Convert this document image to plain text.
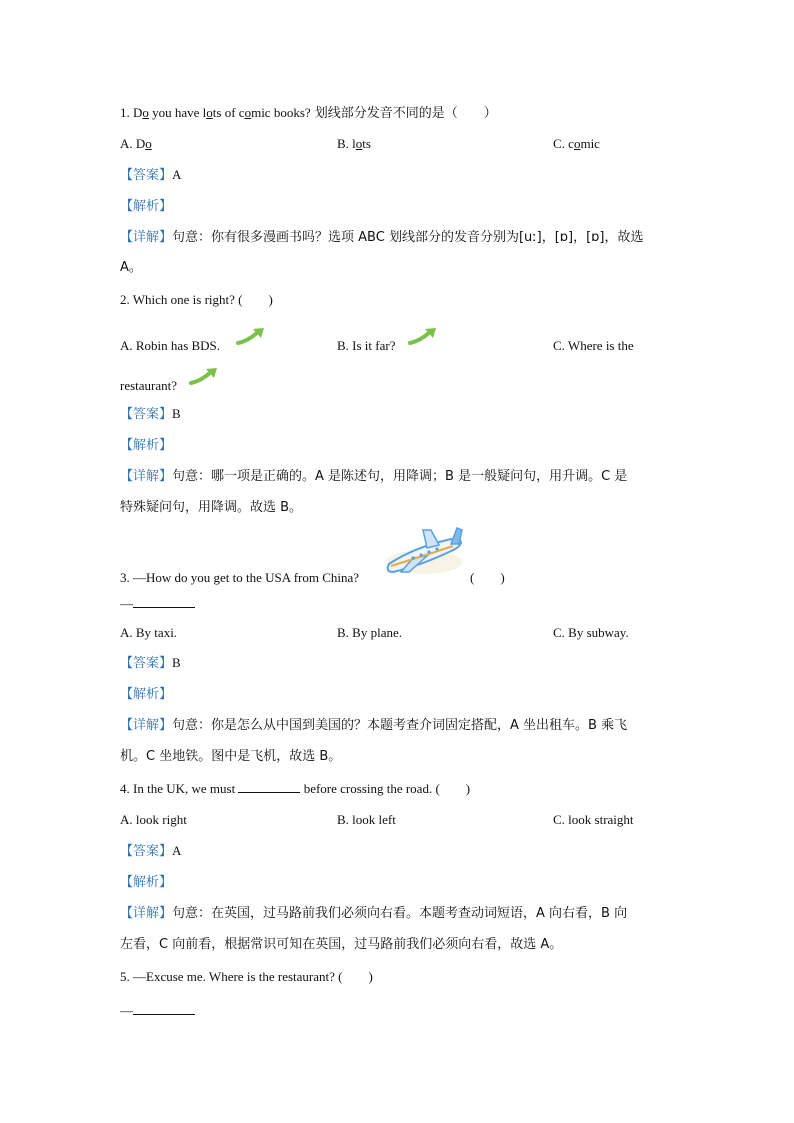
1. Do you have lots of comic books? 划线部分发音不同的是（　　）
A. Do	B. lots	C. comic
【答案】A
【解析】
【详解】句意：你有很多漫画书吗？选项 ABC 划线部分的发音分别为[uː]，[ɒ]，[ɒ]，故选
A。
2. Which one is right? (　　)
A. Robin has BDS.	B. Is it far?	C. Where is the
restaurant?
【答案】B
【解析】
【详解】句意：哪一项是正确的。A 是陈述句，用降调；B 是一般疑问句，用升调。C 是
特殊疑问句，用降调。故选 B。
3. —How do you get to the USA from China?	(　　)
—
A. By taxi.	B. By plane.	C. By subway.
【答案】B
【解析】
【详解】句意：你是怎么从中国到美国的？本题考查介词固定搭配，A 坐出租车。B 乘飞
机。C 坐地铁。图中是飞机，故选 B。
4. In the UK, we must	before crossing the road. (　　)
A. look right	B. look left	C. look straight
【答案】A
【解析】
【详解】句意：在英国，过马路前我们必须向右看。本题考查动词短语，A 向右看，B 向
左看，C 向前看，根据常识可知在英国，过马路前我们必须向右看，故选 A。
5. —Excuse me. Where is the restaurant? (　　)
—
